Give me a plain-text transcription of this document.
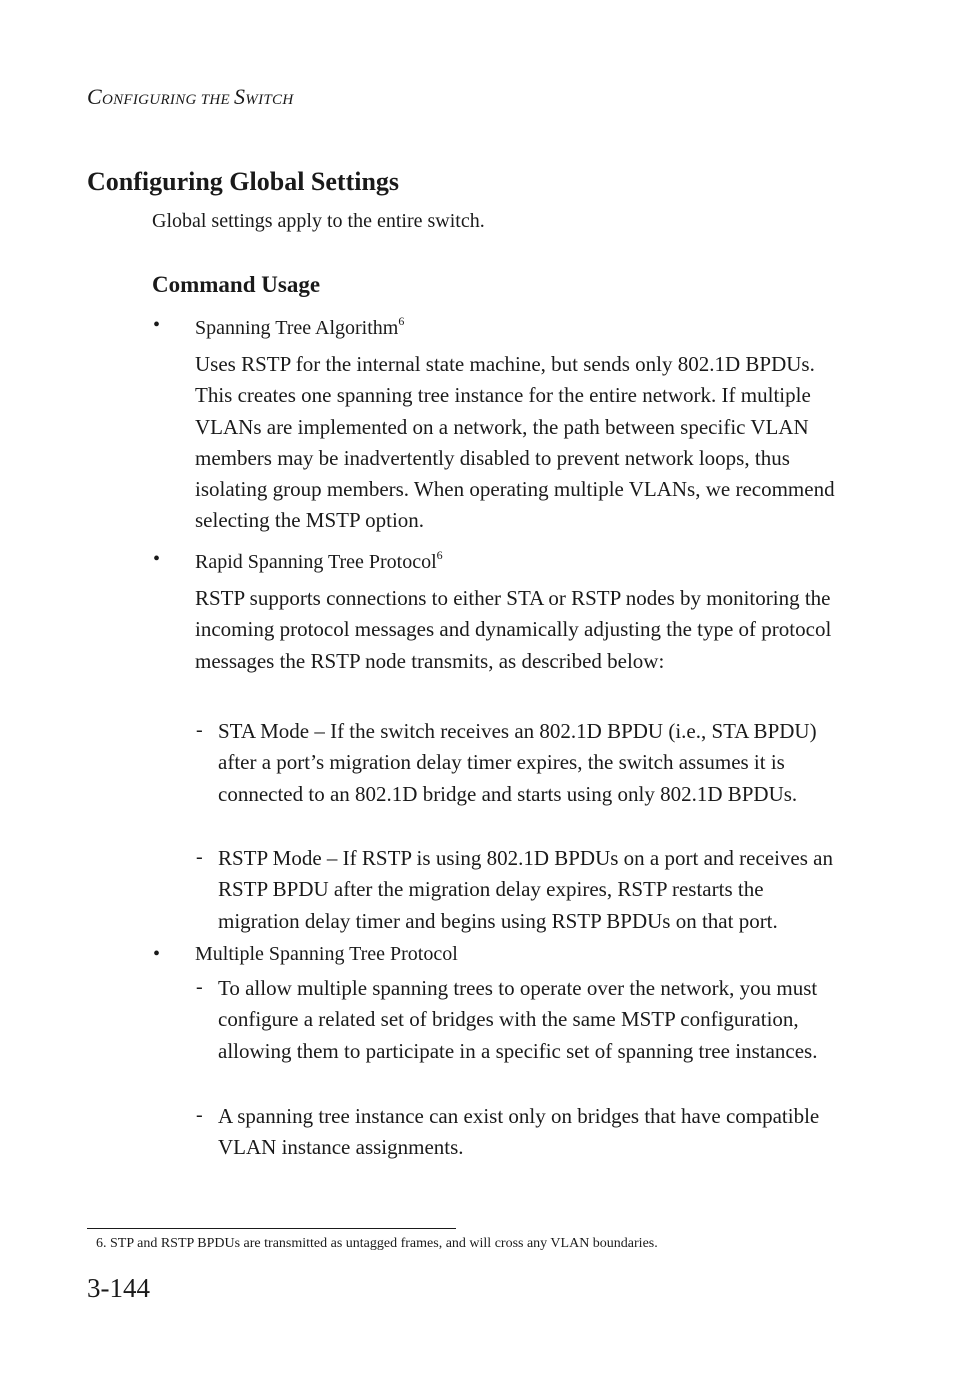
CONFIGURING THE SWITCH
Configuring Global Settings
Global settings apply to the entire switch.
Command Usage
• Spanning Tree Algorithm$^6$

Uses RSTP for the internal state machine, but sends only 802.1D BPDUs. This creates one spanning tree instance for the entire network. If multiple VLANs are implemented on a network, the path between specific VLAN members may be inadvertently disabled to prevent network loops, thus isolating group members. When operating multiple VLANs, we recommend selecting the MSTP option.

• Rapid Spanning Tree Protocol$^6$

RSTP supports connections to either STA or RSTP nodes by monitoring the incoming protocol messages and dynamically adjusting the type of protocol messages the RSTP node transmits, as described below:

- STA Mode – If the switch receives an 802.1D BPDU (i.e., STA BPDU) after a port’s migration delay timer expires, the switch assumes it is connected to an 802.1D bridge and starts using only 802.1D BPDUs.

- RSTP Mode – If RSTP is using 802.1D BPDUs on a port and receives an RSTP BPDU after the migration delay expires, RSTP restarts the migration delay timer and begins using RSTP BPDUs on that port.

• Multiple Spanning Tree Protocol
- To allow multiple spanning trees to operate over the network, you must configure a related set of bridges with the same MSTP configuration, allowing them to participate in a specific set of spanning tree instances.

- A spanning tree instance can exist only on bridges that have compatible VLAN instance assignments.

6. STP and RSTP BPDUs are transmitted as untagged frames, and will cross any VLAN boundaries.
3-144
